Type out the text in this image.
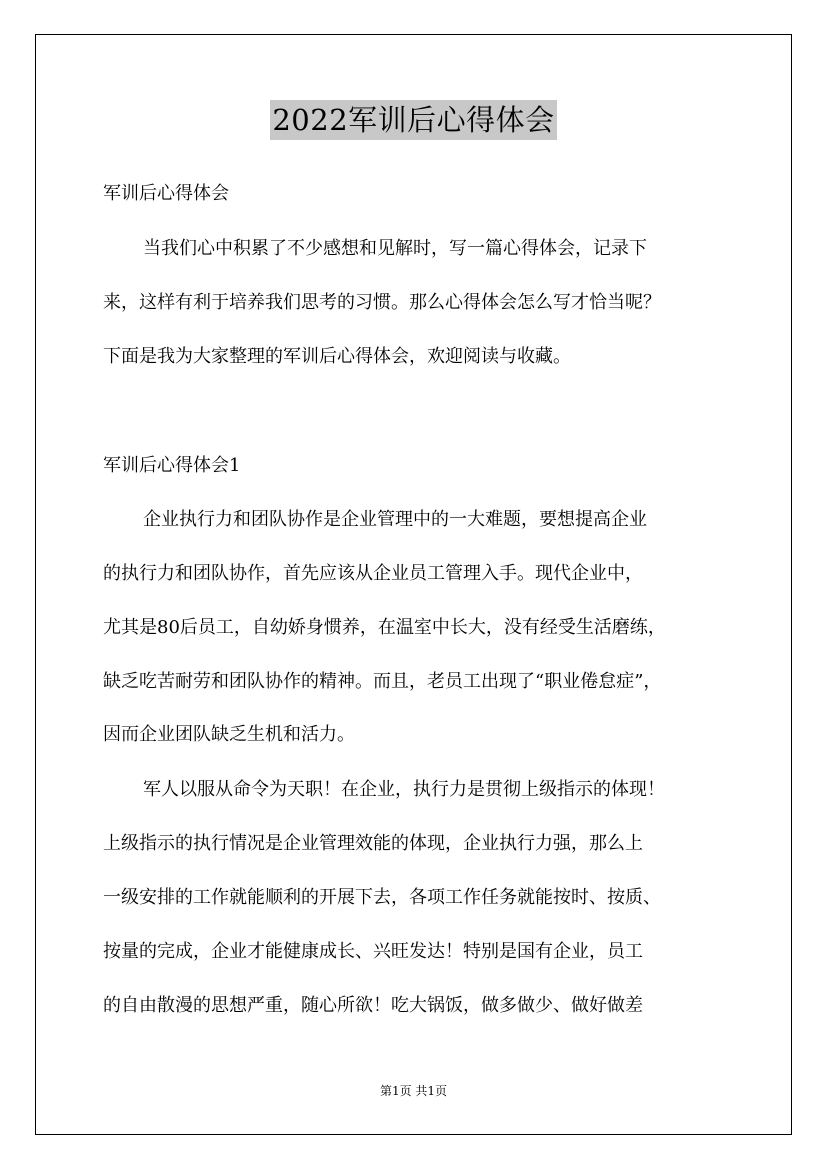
2022军训后心得体会
军训后心得体会
当我们心中积累了不少感想和见解时，写一篇心得体会，记录下
来，这样有利于培养我们思考的习惯。那么心得体会怎么写才恰当呢？
下面是我为大家整理的军训后心得体会，欢迎阅读与收藏。
军训后心得体会1
企业执行力和团队协作是企业管理中的一大难题，要想提高企业
的执行力和团队协作，首先应该从企业员工管理入手。现代企业中，
尤其是80后员工，自幼娇身惯养，在温室中长大，没有经受生活磨练，
缺乏吃苦耐劳和团队协作的精神。而且，老员工出现了“职业倦怠症”，
因而企业团队缺乏生机和活力。
军人以服从命令为天职！在企业，执行力是贯彻上级指示的体现！
上级指示的执行情况是企业管理效能的体现，企业执行力强，那么上
一级安排的工作就能顺利的开展下去，各项工作任务就能按时、按质、
按量的完成，企业才能健康成长、兴旺发达！特别是国有企业，员工
的自由散漫的思想严重，随心所欲！吃大锅饭，做多做少、做好做差
第1页 共1页
